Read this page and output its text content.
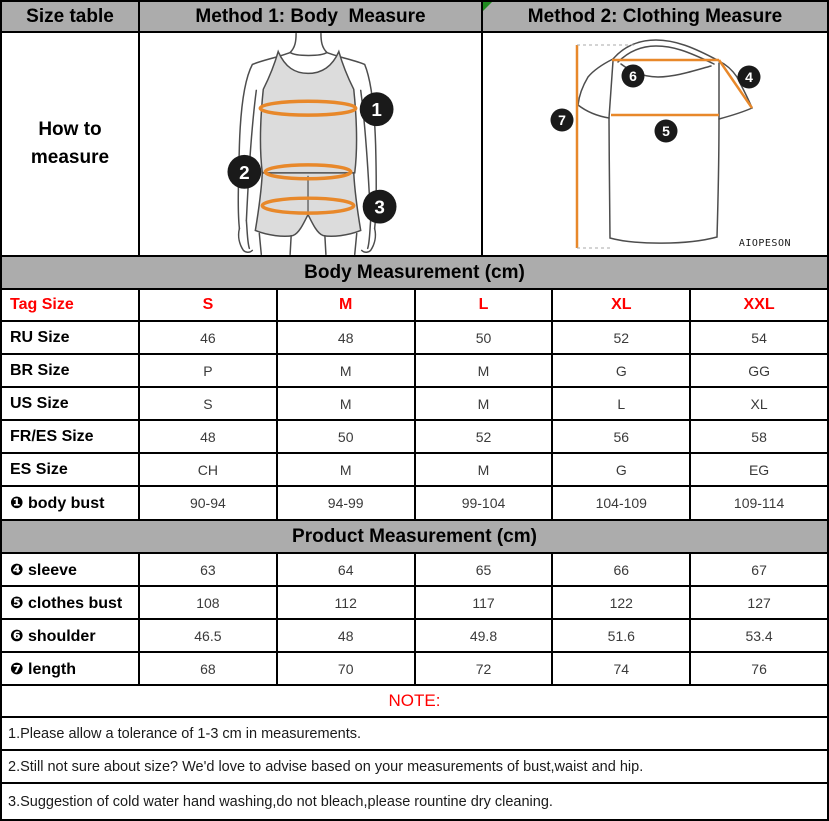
Size table	Method 1: Body  Measure	Method 2: Clothing Measure
How to measure
1
2
3
6	4
7
5
AIOPESON
Body Measurement (cm)
Tag Size	S	M	L	XL	XXL
RU Size	46	48	50	52	54
BR Size	P	M	M	G	GG
US Size	S	M	M	L	XL
FR/ES Size	48	50	52	56	58
ES Size	CH	M	M	G	EG
❶ body bust	90-94	94-99	99-104	104-109	109-114
Product Measurement (cm)
❹ sleeve	63	64	65	66	67
❺ clothes bust	108	112	117	122	127
❻ shoulder	46.5	48	49.8	51.6	53.4
❼ length	68	70	72	74	76
NOTE:
1.Please allow a tolerance of 1-3 cm in measurements.
2.Still not sure about size? We'd love to advise based on your measurements of bust,waist and hip.
3.Suggestion of cold water hand washing,do not bleach,please rountine dry cleaning.
